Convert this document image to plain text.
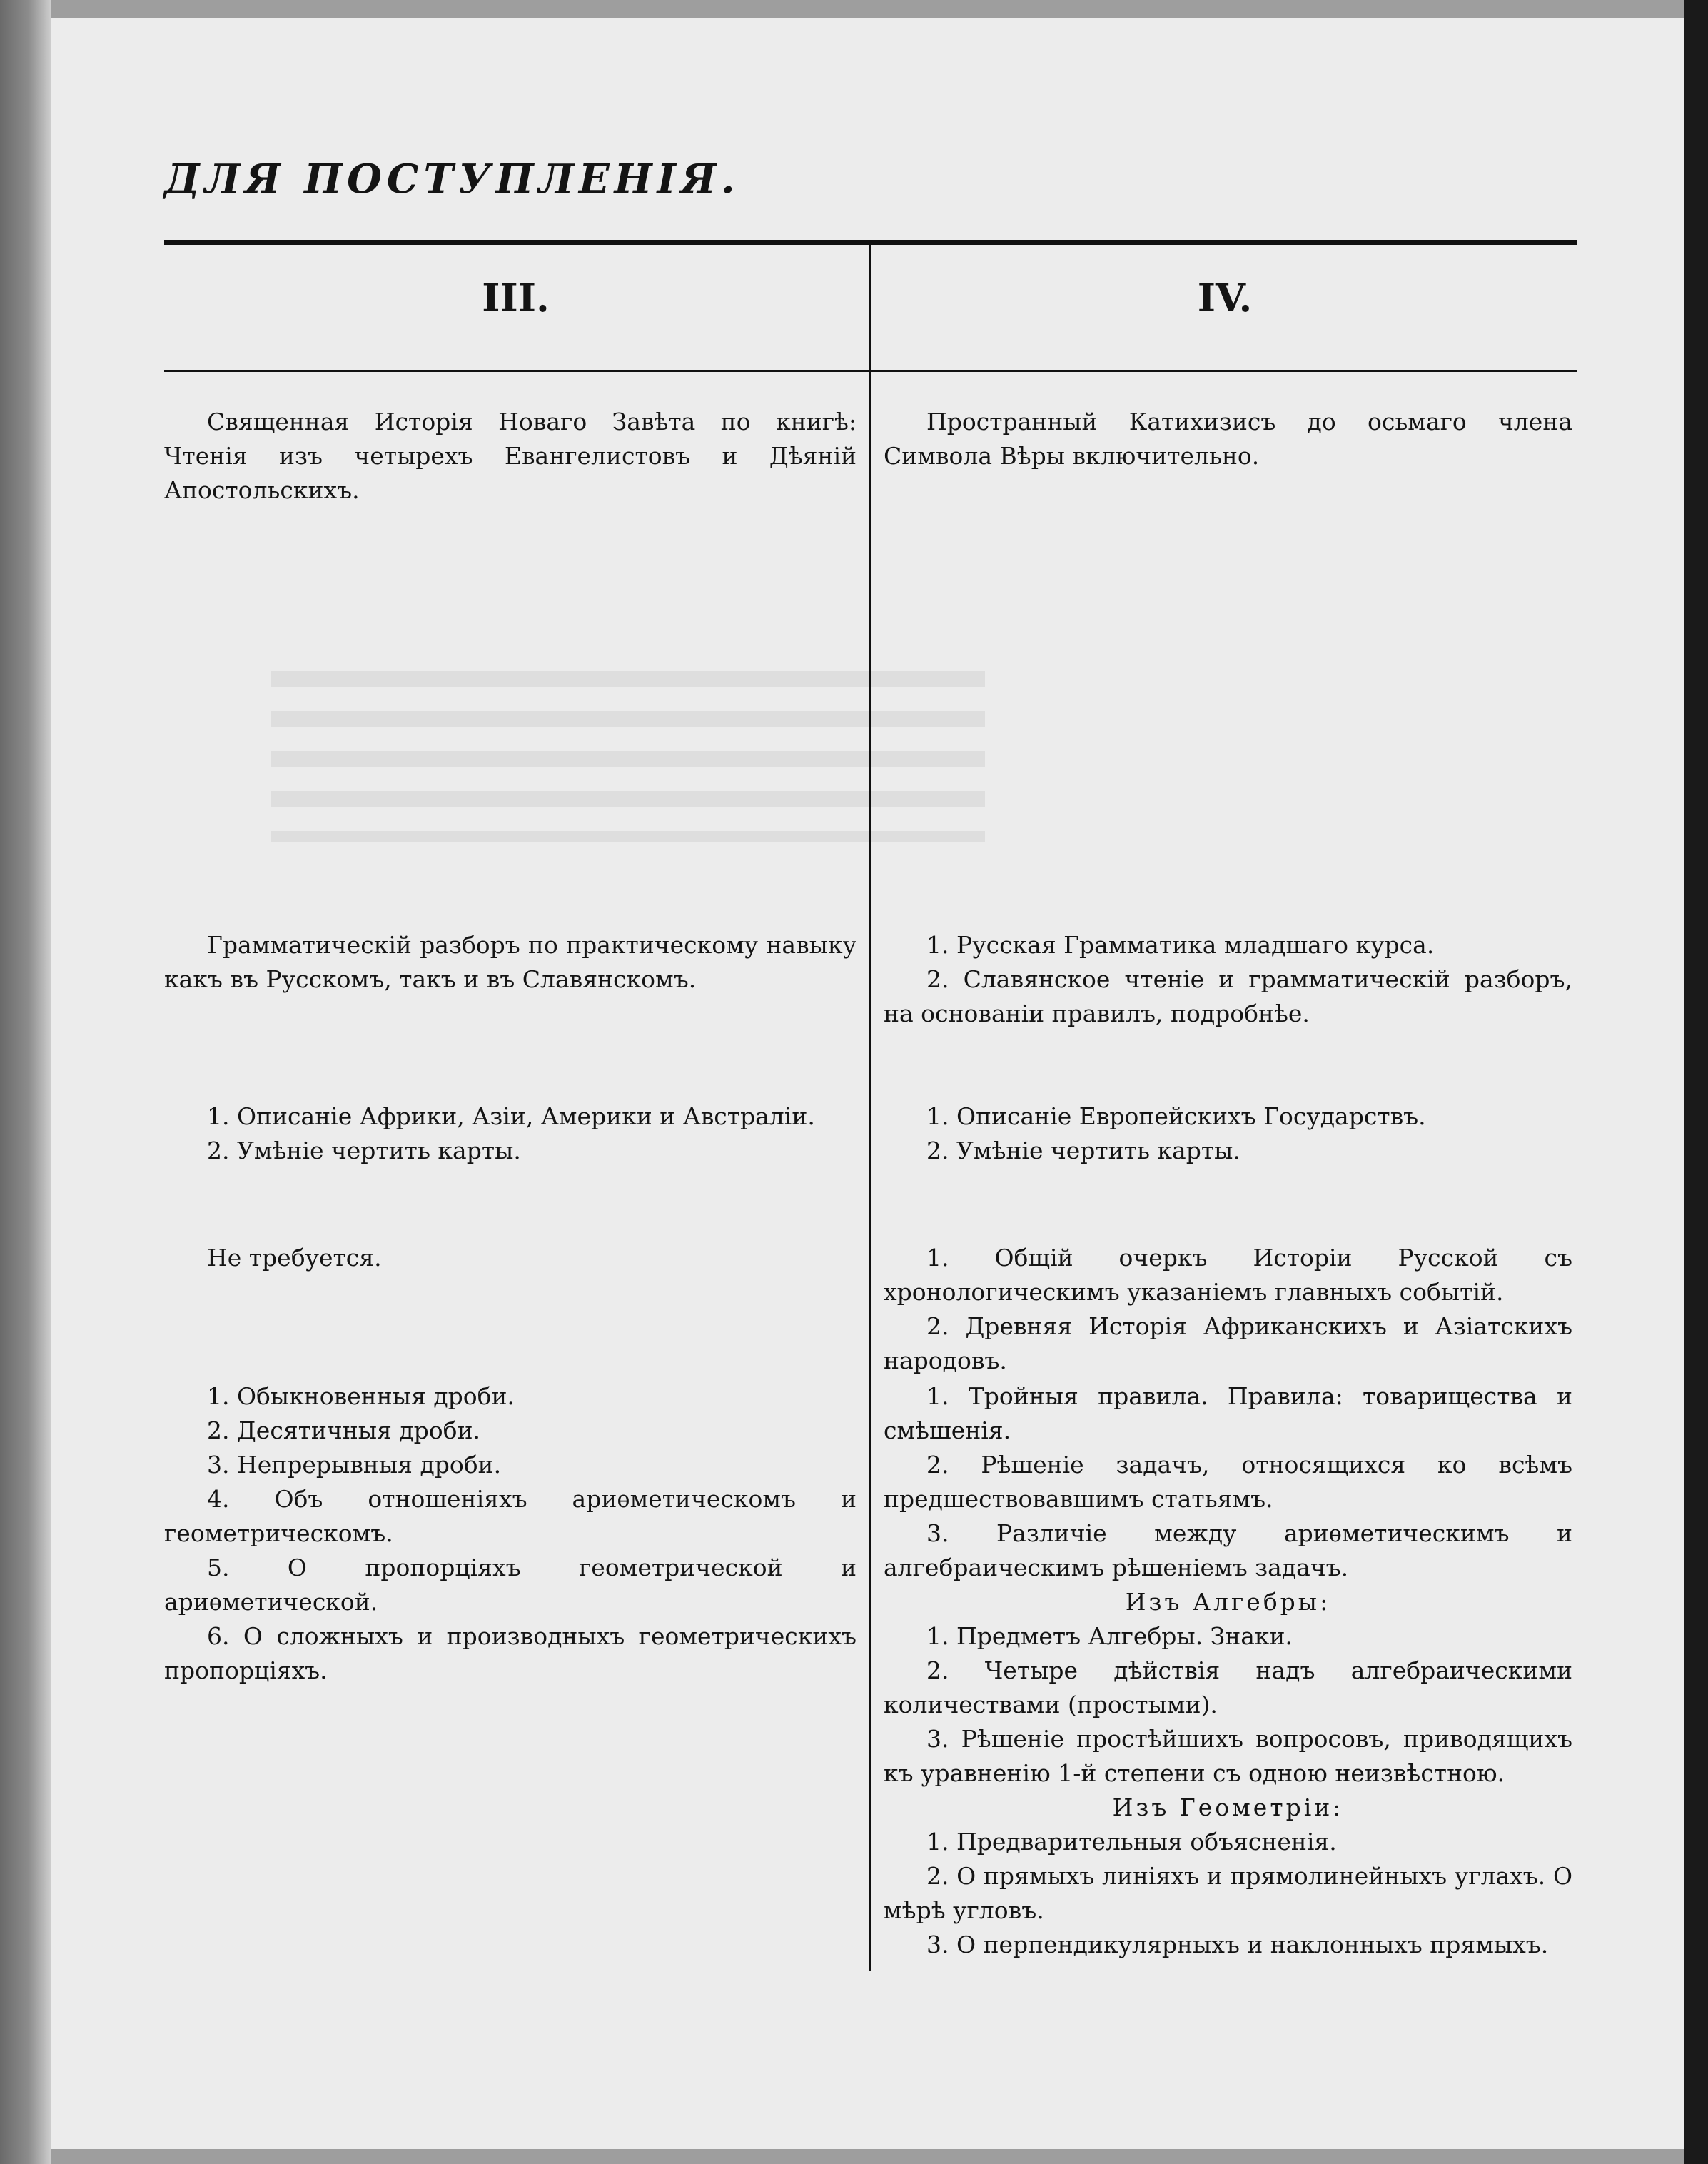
ДЛЯ ПОСТУПЛЕНІЯ.
III.	IV.

Священная Исторія Новаго Завѣта по книгѣ: Чтенія изъ четырехъ Евангелистовъ и Дѣяній Апостольскихъ.

Грамматическій разборъ по практическому навыку какъ въ Русскомъ, такъ и въ Славянскомъ.

1. Описаніе Африки, Азіи, Америки и Австраліи.

2. Умѣніе чертить карты.

Не требуется.

1. Обыкновенныя дроби.

2. Десятичныя дроби.

3. Непрерывныя дроби.

4. Объ отношеніяхъ ариѳметическомъ и геометрическомъ.

5. О пропорціяхъ геометрической и ариѳметической.

6. О сложныхъ и производныхъ геометрическихъ пропорціяхъ.

Пространный Катихизисъ до осьмаго члена Символа Вѣры включительно.

1. Русская Грамматика младшаго курса.

2. Славянское чтеніе и грамматическій разборъ, на основаніи правилъ, подробнѣе.

1. Описаніе Европейскихъ Государствъ.

2. Умѣніе чертить карты.

1. Общій очеркъ Исторіи Русской съ хронологическимъ указаніемъ главныхъ событій.

2. Древняя Исторія Африканскихъ и Азіатскихъ народовъ.

1. Тройныя правила. Правила: товарищества и смѣшенія.

2. Рѣшеніе задачъ, относящихся ко всѣмъ предшествовавшимъ статьямъ.

3. Различіе между ариѳметическимъ и алгебраическимъ рѣшеніемъ задачъ.

Изъ Алгебры:

1. Предметъ Алгебры. Знаки.

2. Четыре дѣйствія надъ алгебраическими количествами (простыми).

3. Рѣшеніе простѣйшихъ вопросовъ, приводящихъ къ уравненію 1-й степени съ одною неизвѣстною.

Изъ Геометріи:

1. Предварительныя объясненія.

2. О прямыхъ линіяхъ и прямолинейныхъ углахъ. О мѣрѣ угловъ.

3. О перпендикулярныхъ и наклонныхъ прямыхъ.
